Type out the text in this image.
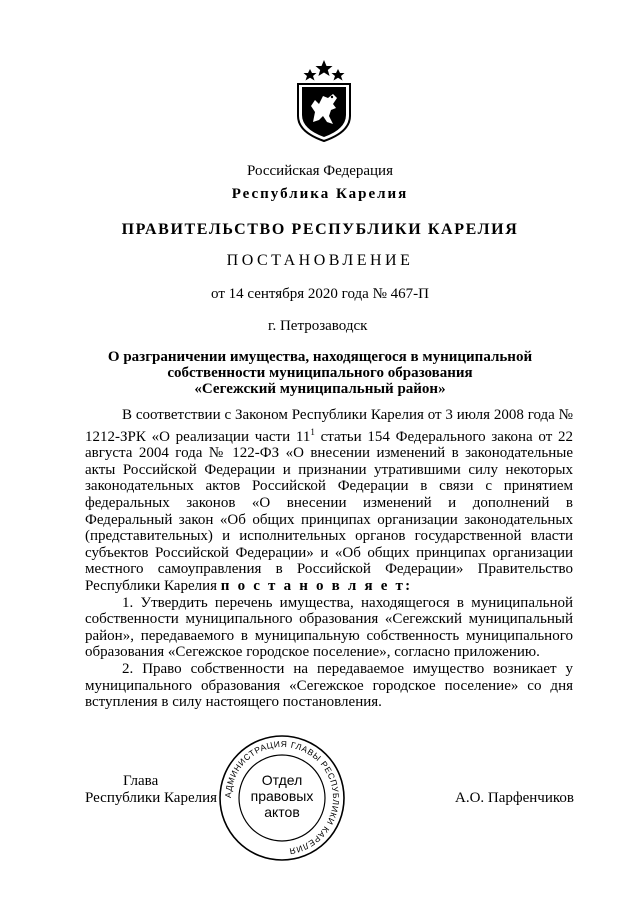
Российская Федерация
Республика Карелия
ПРАВИТЕЛЬСТВО РЕСПУБЛИКИ КАРЕЛИЯ
ПОСТАНОВЛЕНИЕ
от 14 сентября 2020 года № 467-П
г. Петрозаводск
О разграничении имущества, находящегося в муниципальной
собственности муниципального образования
«Сегежский муниципальный район»

В соответствии с Законом Республики Карелия от 3 июля 2008 года № 1212-ЗРК «О реализации части $11^1$ статьи 154 Федерального закона от 22 августа 2004 года № 122-ФЗ «О внесении изменений в законодательные акты Российской Федерации и признании утратившими силу некоторых законодательных актов Российской Федерации в связи с принятием федеральных законов «О внесении изменений и дополнений в Федеральный закон «Об общих принципах организации законодательных (представительных) и исполнительных органов государственной власти субъектов Российской Федерации» и «Об общих принципах организации местного самоуправления в Российской Федерации» Правительство Республики Карелия п о с т а н о в л я е т:

1. Утвердить перечень имущества, находящегося в муниципальной собственности муниципального образования «Сегежский муниципальный район», передаваемого в муниципальную собственность муниципального образования «Сегежское городское поселение», согласно приложению.

2. Право собственности на передаваемое имущество возникает у муниципального образования «Сегежское городское поселение» со дня вступления в силу настоящего постановления.

Глава
Республики Карелия АДМИНИСТРАЦИЯ ГЛАВЫ РЕСПУБЛИКИ КАРЕЛИЯ
Отдел
правовых
актов
А.О. Парфенчиков
